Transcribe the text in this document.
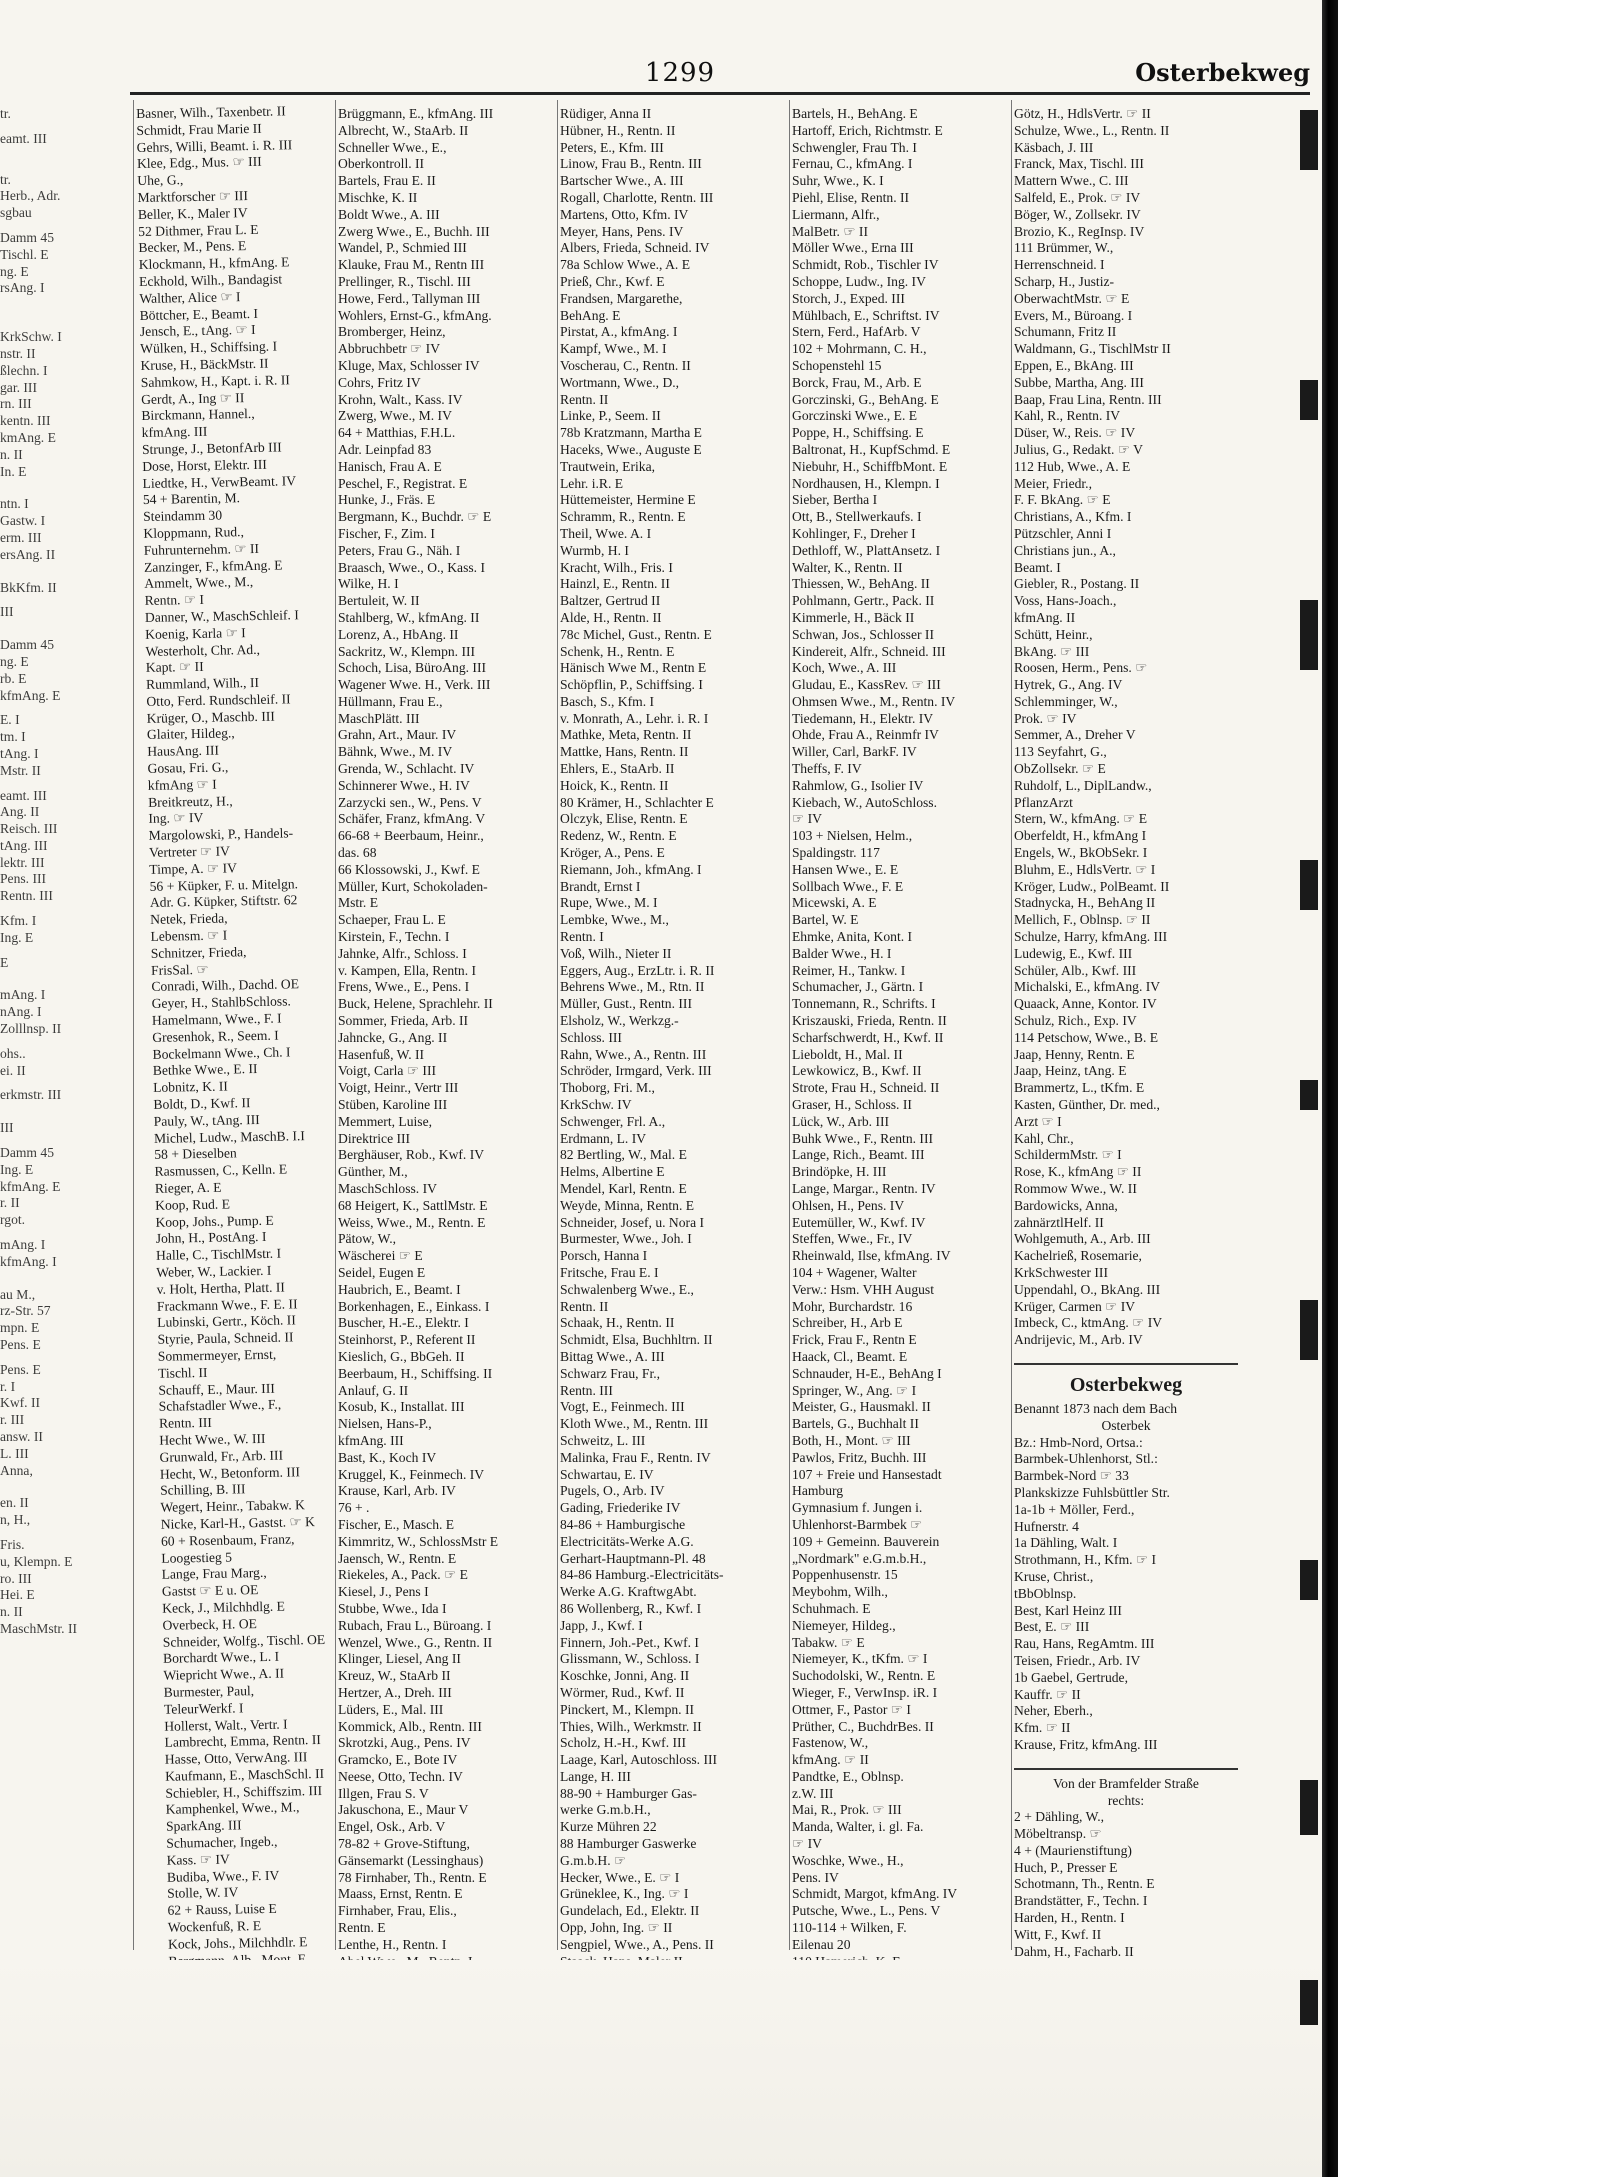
1299	Osterbekweg
tr.
eamt. III
tr.
Herb., Adr.
sgbau
Damm 45
Tischl. E
ng. E
rsAng. I
KrkSchw. I
nstr. II
ßlechn. I
gar. III
rn. III
kentn. III
kmAng. E
n. II
In. E
ntn. I
Gastw. I
erm. III
ersAng. II
BkKfm. II
III
Damm 45
ng. E
rb. E
kfmAng. E
E. I
tm. I
tAng. I
Mstr. II
eamt. III
Ang. II
Reisch. III
tAng. III
lektr. III
Pens. III
Rentn. III
Kfm. I
Ing. E
E
mAng. I
nAng. I
Zolllnsp. II
ohs..
ei. II
erkmstr. III
III
Damm 45
Ing. E
kfmAng. E
r. II
rgot.
mAng. I
kfmAng. I
au M.,
rz-Str. 57
mpn. E
Pens. E
Pens. E
r. I
Kwf. II
r. III
answ. II
L. III
Anna,
en. II
n, H.,
Fris.
u, Klempn. E
ro. III
Hei. E
n. II
MaschMstr. II
Basner, Wilh., Taxenbetr. II
Schmidt, Frau Marie II
Gehrs, Willi, Beamt. i. R. III
Klee, Edg., Mus. ☞ III
Uhe, G.,
Marktforscher ☞ III
Beller, K., Maler IV
52 Dithmer, Frau L. E
Becker, M., Pens. E
Klockmann, H., kfmAng. E
Eckhold, Wilh., Bandagist
Walther, Alice ☞ I
Böttcher, E., Beamt. I
Jensch, E., tAng. ☞ I
Wülken, H., Schiffsing. I
Kruse, H., BäckMstr. II
Sahmkow, H., Kapt. i. R. II
Gerdt, A., Ing ☞ II
Birckmann, Hannel.,
kfmAng. III
Strunge, J., BetonfArb III
Dose, Horst, Elektr. III
Liedtke, H., VerwBeamt. IV
54 + Barentin, M.
Steindamm 30
Kloppmann, Rud.,
Fuhrunternehm. ☞ II
Zanzinger, F., kfmAng. E
Ammelt, Wwe., M.,
Rentn. ☞ I
Danner, W., MaschSchleif. I
Koenig, Karla ☞ I
Westerholt, Chr. Ad.,
Kapt. ☞ II
Rummland, Wilh., II
Otto, Ferd. Rundschleif. II
Krüger, O., Maschb. III
Glaiter, Hildeg.,
HausAng. III
Gosau, Fri. G.,
kfmAng ☞ I
Breitkreutz, H.,
Ing. ☞ IV
Margolowski, P., Handels-
Vertreter ☞ IV
Timpe, A. ☞ IV
56 + Küpker, F. u. Mitelgn.
Adr. G. Küpker, Stiftstr. 62
Netek, Frieda,
Lebensm. ☞ I
Schnitzer, Frieda,
FrisSal. ☞
Conradi, Wilh., Dachd. OE
Geyer, H., StahlbSchloss.
Hamelmann, Wwe., F. I
Gresenhok, R., Seem. I
Bockelmann Wwe., Ch. I
Bethke Wwe., E. II
Lobnitz, K. II
Boldt, D., Kwf. II
Pauly, W., tAng. III
Michel, Ludw., MaschB. I.I
58 + Dieselben
Rasmussen, C., Kelln. E
Rieger, A. E
Koop, Rud. E
Koop, Johs., Pump. E
John, H., PostAng. I
Halle, C., TischlMstr. I
Weber, W., Lackier. I
v. Holt, Hertha, Platt. II
Frackmann Wwe., F. E. II
Lubinski, Gertr., Köch. II
Styrie, Paula, Schneid. II
Sommermeyer, Ernst,
Tischl. II
Schauff, E., Maur. III
Schafstadler Wwe., F.,
Rentn. III
Hecht Wwe., W. III
Grunwald, Fr., Arb. III
Hecht, W., Betonform. III
Schilling, B. III
Wegert, Heinr., Tabakw. K
Nicke, Karl-H., Gastst. ☞ K
60 + Rosenbaum, Franz,
Loogestieg 5
Lange, Frau Marg.,
Gastst ☞ E u. OE
Keck, J., Milchhdlg. E
Overbeck, H. OE
Schneider, Wolfg., Tischl. OE
Borchardt Wwe., L. I
Wiepricht Wwe., A. II
Burmester, Paul,
TeleurWerkf. I
Hollerst, Walt., Vertr. I
Lambrecht, Emma, Rentn. II
Hasse, Otto, VerwAng. III
Kaufmann, E., MaschSchl. II
Schiebler, H., Schiffszim. III
Kamphenkel, Wwe., M.,
SparkAng. III
Schumacher, Ingeb.,
Kass. ☞ IV
Budiba, Wwe., F. IV
Stolle, W. IV
62 + Rauss, Luise E
Wockenfuß, R. E
Kock, Johs., Milchhdlr. E
Brüggmann, E., kfmAng. III
Albrecht, W., StaArb. II
Schneller Wwe., E.,
Oberkontroll. II
Bartels, Frau E. II
Mischke, K. II
Boldt Wwe., A. III
Zwerg Wwe., E., Buchh. III
Wandel, P., Schmied III
Klauke, Frau M., Rentn III
Prellinger, R., Tischl. III
Howe, Ferd., Tallyman III
Wohlers, Ernst-G., kfmAng.
Bromberger, Heinz,
Abbruchbetr ☞ IV
Kluge, Max, Schlosser IV
Cohrs, Fritz IV
Krohn, Walt., Kass. IV
Zwerg, Wwe., M. IV
64 + Matthias, F.H.L.
Adr. Leinpfad 83
Hanisch, Frau A. E
Peschel, F., Registrat. E
Hunke, J., Fräs. E
Bergmann, K., Buchdr. ☞ E
Fischer, F., Zim. I
Peters, Frau G., Näh. I
Braasch, Wwe., O., Kass. I
Wilke, H. I
Bertuleit, W. II
Stahlberg, W., kfmAng. II
Lorenz, A., HbAng. II
Sackritz, W., Klempn. III
Schoch, Lisa, BüroAng. III
Wagener Wwe. H., Verk. III
Hüllmann, Frau E.,
MaschPlätt. III
Grahn, Art., Maur. IV
Bähnk, Wwe., M. IV
Grenda, W., Schlacht. IV
Schinnerer Wwe., H. IV
Zarzycki sen., W., Pens. V
Schäfer, Franz, kfmAng. V
66-68 + Beerbaum, Heinr.,
das. 68
66 Klossowski, J., Kwf. E
Müller, Kurt, Schokoladen-
Mstr. E
Schaeper, Frau L. E
Kirstein, F., Techn. I
Jahnke, Alfr., Schloss. I
v. Kampen, Ella, Rentn. I
Frens, Wwe., E., Pens. I
Buck, Helene, Sprachlehr. II
Sommer, Frieda, Arb. II
Jahncke, G., Ang. II
Hasenfuß, W. II
Voigt, Carla ☞ III
Voigt, Heinr., Vertr III
Stüben, Karoline III
Memmert, Luise,
Direktrice III
Berghäuser, Rob., Kwf. IV
Günther, M.,
MaschSchloss. IV
68 Heigert, K., SattlMstr. E
Weiss, Wwe., M., Rentn. E
Pätow, W.,
Wäscherei ☞ E
Seidel, Eugen E
Haubrich, E., Beamt. I
Borkenhagen, E., Einkass. I
Buscher, H.-E., Elektr. I
Steinhorst, P., Referent II
Kieslich, G., BbGeh. II
Beerbaum, H., Schiffsing. II
Anlauf, G. II
Kosub, K., Installat. III
Nielsen, Hans-P.,
kfmAng. III
Bast, K., Koch IV
Kruggel, K., Feinmech. IV
Krause, Karl, Arb. IV
76 + .
Fischer, E., Masch. E
Kimmritz, W., SchlossMstr E
Jaensch, W., Rentn. E
Riekeles, A., Pack. ☞ E
Kiesel, J., Pens I
Stubbe, Wwe., Ida I
Rubach, Frau L., Büroang. I
Wenzel, Wwe., G., Rentn. II
Klinger, Liesel, Ang II
Kreuz, W., StaArb II
Hertzer, A., Dreh. III
Lüders, E., Mal. III
Kommick, Alb., Rentn. III
Skrotzki, Aug., Pens. IV
Gramcko, E., Bote IV
Neese, Otto, Techn. IV
Illgen, Frau S. V
Jakuschona, E., Maur V
Engel, Osk., Arb. V
78-82 + Grove-Stiftung,
Gänsemarkt (Lessinghaus)
78 Firnhaber, Th., Rentn. E
Maass, Ernst, Rentn. E
Firnhaber, Frau, Elis.,
Rentn. E
Lenthe, H., Rentn. I
Rüdiger, Anna II
Hübner, H., Rentn. II
Peters, E., Kfm. III
Linow, Frau B., Rentn. III
Bartscher Wwe., A. III
Rogall, Charlotte, Rentn. III
Martens, Otto, Kfm. IV
Meyer, Hans, Pens. IV
Albers, Frieda, Schneid. IV
78a Schlow Wwe., A. E
Prieß, Chr., Kwf. E
Frandsen, Margarethe,
BehAng. E
Pirstat, A., kfmAng. I
Kampf, Wwe., M. I
Voscherau, C., Rentn. II
Wortmann, Wwe., D.,
Rentn. II
Linke, P., Seem. II
78b Kratzmann, Martha E
Haceks, Wwe., Auguste E
Trautwein, Erika,
Lehr. i.R. E
Hüttemeister, Hermine E
Schramm, R., Rentn. E
Theil, Wwe. A. I
Wurmb, H. I
Kracht, Wilh., Fris. I
Hainzl, E., Rentn. II
Baltzer, Gertrud II
Alde, H., Rentn. II
78c Michel, Gust., Rentn. E
Schenk, H., Rentn. E
Hänisch Wwe M., Rentn E
Schöpflin, P., Schiffsing. I
Basch, S., Kfm. I
v. Monrath, A., Lehr. i. R. I
Mathke, Meta, Rentn. II
Mattke, Hans, Rentn. II
Ehlers, E., StaArb. II
Hoick, K., Rentn. II
80 Krämer, H., Schlachter E
Olczyk, Elise, Rentn. E
Redenz, W., Rentn. E
Kröger, A., Pens. E
Riemann, Joh., kfmAng. I
Brandt, Ernst I
Rupe, Wwe., M. I
Lembke, Wwe., M.,
Rentn. I
Voß, Wilh., Nieter II
Eggers, Aug., ErzLtr. i. R. II
Behrens Wwe., M., Rtn. II
Müller, Gust., Rentn. III
Elsholz, W., Werkzg.-
Schloss. III
Rahn, Wwe., A., Rentn. III
Schröder, Irmgard, Verk. III
Thoborg, Fri. M.,
KrkSchw. IV
Schwenger, Frl. A.,
Erdmann, L. IV
82 Bertling, W., Mal. E
Helms, Albertine E
Mendel, Karl, Rentn. E
Weyde, Minna, Rentn. E
Schneider, Josef, u. Nora I
Burmester, Wwe., Joh. I
Porsch, Hanna I
Fritsche, Frau E. I
Schwalenberg Wwe., E.,
Rentn. II
Schaak, H., Rentn. II
Schmidt, Elsa, Buchhltrn. II
Bittag Wwe., A. III
Schwarz Frau, Fr.,
Rentn. III
Vogt, E., Feinmech. III
Kloth Wwe., M., Rentn. III
Schweitz, L. III
Malinka, Frau F., Rentn. IV
Schwartau, E. IV
Pugels, O., Arb. IV
Gading, Friederike IV
84-86 + Hamburgische
Electricitäts-Werke A.G.
Gerhart-Hauptmann-Pl. 48
84-86 Hamburg.-Electricitäts-
Werke A.G. KraftwgAbt.
86 Wollenberg, R., Kwf. I
Japp, J., Kwf. I
Finnern, Joh.-Pet., Kwf. I
Glissmann, W., Schloss. I
Koschke, Jonni, Ang. II
Wörmer, Rud., Kwf. II
Pinckert, M., Klempn. II
Thies, Wilh., Werkmstr. II
Scholz, H.-H., Kwf. III
Laage, Karl, Autoschloss. III
Lange, H. III
88-90 + Hamburger Gas-
werke G.m.b.H.,
Kurze Mühren 22
88 Hamburger Gaswerke
G.m.b.H. ☞
Hecker, Wwe., E. ☞ I
Grüneklee, K., Ing. ☞ I
Gundelach, Ed., Elektr. II
Opp, John, Ing. ☞ II
Sengpiel, Wwe., A., Pens. II
Bartels, H., BehAng. E
Hartoff, Erich, Richtmstr. E
Schwengler, Frau Th. I
Fernau, C., kfmAng. I
Suhr, Wwe., K. I
Piehl, Elise, Rentn. II
Liermann, Alfr.,
MalBetr. ☞ II
Möller Wwe., Erna III
Schmidt, Rob., Tischler IV
Schoppe, Ludw., Ing. IV
Storch, J., Exped. III
Mühlbach, E., Schriftst. IV
Stern, Ferd., HafArb. V
102 + Mohrmann, C. H.,
Schopenstehl 15
Borck, Frau, M., Arb. E
Gorczinski, G., BehAng. E
Gorczinski Wwe., E. E
Poppe, H., Schiffsing. E
Baltronat, H., KupfSchmd. E
Niebuhr, H., SchiffbMont. E
Nordhausen, H., Klempn. I
Sieber, Bertha I
Ott, B., Stellwerkaufs. I
Kohlinger, F., Dreher I
Dethloff, W., PlattAnsetz. I
Walter, K., Rentn. II
Thiessen, W., BehAng. II
Pohlmann, Gertr., Pack. II
Kimmerle, H., Bäck II
Schwan, Jos., Schlosser II
Kindereit, Alfr., Schneid. III
Koch, Wwe., A. III
Gludau, E., KassRev. ☞ III
Ohmsen Wwe., M., Rentn. IV
Tiedemann, H., Elektr. IV
Ohde, Frau A., Reinmfr IV
Willer, Carl, BarkF. IV
Theffs, F. IV
Rahmlow, G., Isolier IV
Kiebach, W., AutoSchloss.
☞ IV
103 + Nielsen, Helm.,
Spaldingstr. 117
Hansen Wwe., E. E
Sollbach Wwe., F. E
Micewski, A. E
Bartel, W. E
Ehmke, Anita, Kont. I
Balder Wwe., H. I
Reimer, H., Tankw. I
Schumacher, J., Gärtn. I
Tonnemann, R., Schrifts. I
Kriszauski, Frieda, Rentn. II
Scharfschwerdt, H., Kwf. II
Lieboldt, H., Mal. II
Lewkowicz, B., Kwf. II
Strote, Frau H., Schneid. II
Graser, H., Schloss. II
Lück, W., Arb. III
Buhk Wwe., F., Rentn. III
Lange, Rich., Beamt. III
Brindöpke, H. III
Lange, Margar., Rentn. IV
Ohlsen, H., Pens. IV
Eutemüller, W., Kwf. IV
Steffen, Wwe., Fr., IV
Rheinwald, Ilse, kfmAng. IV
104 + Wagener, Walter
Verw.: Hsm. VHH August
Mohr, Burchardstr. 16
Schreiber, H., Arb E
Frick, Frau F., Rentn E
Haack, Cl., Beamt. E
Schnauder, H-E., BehAng I
Springer, W., Ang. ☞ I
Meister, G., Hausmakl. II
Bartels, G., Buchhalt II
Both, H., Mont. ☞ III
Pawlos, Fritz, Buchh. III
107 + Freie und Hansestadt
Hamburg
Gymnasium f. Jungen i.
Uhlenhorst-Barmbek ☞
109 + Gemeinn. Bauverein
„Nordmark" e.G.m.b.H.,
Poppenhusenstr. 15
Meybohm, Wilh.,
Schuhmach. E
Niemeyer, Hildeg.,
Tabakw. ☞ E
Niemeyer, K., tKfm. ☞ I
Suchodolski, W., Rentn. E
Wieger, F., VerwInsp. iR. I
Ottmer, F., Pastor ☞ I
Prüther, C., BuchdrBes. II
Fastenow, W.,
kfmAng. ☞ II
Pandtke, E., Oblnsp.
z.W. III
Mai, R., Prok. ☞ III
Manda, Walter, i. gl. Fa.
☞ IV
Woschke, Wwe., H.,
Pens. IV
Schmidt, Margot, kfmAng. IV
Putsche, Wwe., L., Pens. V
110-114 + Wilken, F.
Eilenau 20
Götz, H., HdlsVertr. ☞ II
Schulze, Wwe., L., Rentn. II
Käsbach, J. III
Franck, Max, Tischl. III
Mattern Wwe., C. III
Salfeld, E., Prok. ☞ IV
Böger, W., Zollsekr. IV
Brozio, K., RegInsp. IV
111 Brümmer, W.,
Herrenschneid. I
Scharp, H., Justiz-
OberwachtMstr. ☞ E
Evers, M., Büroang. I
Schumann, Fritz II
Waldmann, G., TischlMstr II
Eppen, E., BkAng. III
Subbe, Martha, Ang. III
Baap, Frau Lina, Rentn. III
Kahl, R., Rentn. IV
Düser, W., Reis. ☞ IV
Julius, G., Redakt. ☞ V
112 Hub, Wwe., A. E
Meier, Friedr.,
F. F. BkAng. ☞ E
Christians, A., Kfm. I
Pützschler, Anni I
Christians jun., A.,
Beamt. I
Giebler, R., Postang. II
Voss, Hans-Joach.,
kfmAng. II
Schütt, Heinr.,
BkAng. ☞ III
Roosen, Herm., Pens. ☞
Hytrek, G., Ang. IV
Schlemminger, W.,
Prok. ☞ IV
Semmer, A., Dreher V
113 Seyfahrt, G.,
ObZollsekr. ☞ E
Ruhdolf, L., DiplLandw.,
PflanzArzt
Stern, W., kfmAng. ☞ E
Oberfeldt, H., kfmAng I
Engels, W., BkObSekr. I
Bluhm, E., HdlsVertr. ☞ I
Kröger, Ludw., PolBeamt. II
Stadnycka, H., BehAng II
Mellich, F., Oblnsp. ☞ II
Schulze, Harry, kfmAng. III
Ludewig, E., Kwf. III
Schüler, Alb., Kwf. III
Michalski, E., kfmAng. IV
Quaack, Anne, Kontor. IV
Schulz, Rich., Exp. IV
114 Petschow, Wwe., B. E
Jaap, Henny, Rentn. E
Jaap, Heinz, tAng. E
Brammertz, L., tKfm. E
Kasten, Günther, Dr. med.,
Arzt ☞ I
Kahl, Chr.,
SchildermMstr. ☞ I
Rose, K., kfmAng ☞ II
Rommow Wwe., W. II
Bardowicks, Anna,
zahnärztlHelf. II
Wohlgemuth, A., Arb. III
Kachelrieß, Rosemarie,
KrkSchwester III
Uppendahl, O., BkAng. III
Krüger, Carmen ☞ IV
Imbeck, C., ktmAng. ☞ IV
Andrijevic, M., Arb. IV
Osterbekweg
Benannt 1873 nach dem Bach
Osterbek
Bz.: Hmb-Nord, Ortsa.:
Barmbek-Uhlenhorst, Stl.:
Barmbek-Nord ☞ 33
Plankskizze Fuhlsbüttler Str.
1a-1b + Möller, Ferd.,
Hufnerstr. 4
1a Dähling, Walt. I
Strothmann, H., Kfm. ☞ I
Kruse, Christ.,
tBbOblnsp.
Best, Karl Heinz III
Best, E. ☞ III
Rau, Hans, RegAmtm. III
Teisen, Friedr., Arb. IV
1b Gaebel, Gertrude,
Kauffr. ☞ II
Neher, Eberh.,
Kfm. ☞ II
Krause, Fritz, kfmAng. III
Von der Bramfelder Straße
rechts:
2 + Dähling, W.,
Möbeltransp. ☞
4 + (Maurienstiftung)
Huch, P., Presser E
Schotmann, Th., Rentn. E
Brandstätter, F., Techn. I
Harden, H., Rentn. I
Witt, F., Kwf. II
Dahm, H., Facharb. II
